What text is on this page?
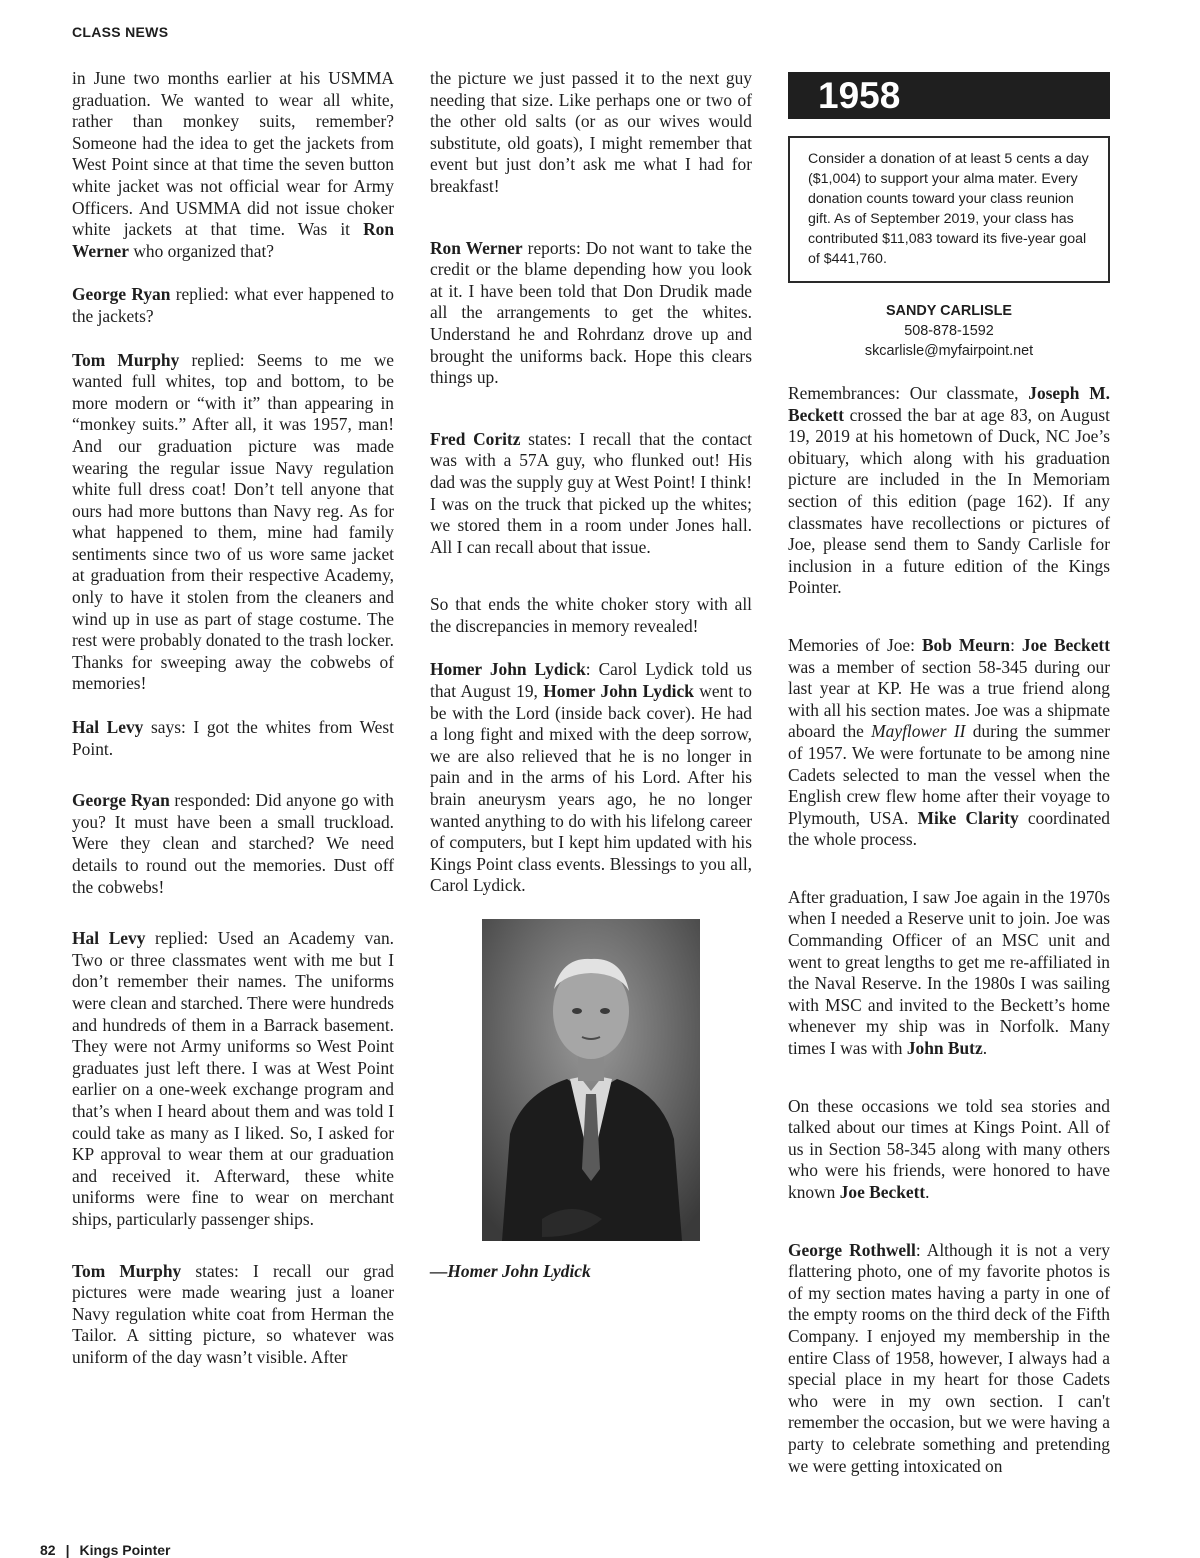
CLASS NEWS

in June two months earlier at his USMMA graduation. We wanted to wear all white, rather than monkey suits, remember? Someone had the idea to get the jackets from West Point since at that time the seven button white jacket was not official wear for Army Officers. And USMMA did not issue choker white jackets at that time. Was it Ron Werner who organized that?

George Ryan replied: what ever happened to the jackets?

Tom Murphy replied: Seems to me we wanted full whites, top and bottom, to be more modern or “with it” than appearing in “monkey suits.” After all, it was 1957, man! And our graduation picture was made wearing the regular issue Navy regulation white full dress coat! Don’t tell anyone that ours had more buttons than Navy reg. As for what happened to them, mine had family sentiments since two of us wore same jacket at graduation from their respective Academy, only to have it stolen from the cleaners and wind up in use as part of stage costume. The rest were probably donated to the trash locker. Thanks for sweeping away the cobwebs of memories!

Hal Levy says: I got the whites from West Point.

George Ryan responded: Did anyone go with you? It must have been a small truckload. Were they clean and starched? We need details to round out the memories. Dust off the cobwebs!

Hal Levy replied: Used an Academy van. Two or three classmates went with me but I don’t remember their names. The uniforms were clean and starched. There were hundreds and hundreds of them in a Barrack basement. They were not Army uniforms so West Point graduates just left there. I was at West Point earlier on a one-week exchange program and that’s when I heard about them and was told I could take as many as I liked. So, I asked for KP approval to wear them at our graduation and received it. Afterward, these white uniforms were fine to wear on merchant ships, particularly passenger ships.

Tom Murphy states: I recall our grad pictures were made wearing just a loaner Navy regulation white coat from Herman the Tailor. A sitting picture, so whatever was uniform of the day wasn’t visible. After

the picture we just passed it to the next guy needing that size. Like perhaps one or two of the other old salts (or as our wives would substitute, old goats), I might remember that event but just don’t ask me what I had for breakfast!

Ron Werner reports: Do not want to take the credit or the blame depending how you look at it. I have been told that Don Drudik made all the arrangements to get the whites. Understand he and Rohrdanz drove up and brought the uniforms back. Hope this clears things up.

Fred Coritz states: I recall that the contact was with a 57A guy, who flunked out! His dad was the supply guy at West Point! I think! I was on the truck that picked up the whites; we stored them in a room under Jones hall. All I can recall about that issue.

So that ends the white choker story with all the discrepancies in memory revealed!

Homer John Lydick: Carol Lydick told us that August 19, Homer John Lydick went to be with the Lord (inside back cover). He had a long fight and mixed with the deep sorrow, we are also relieved that he is no longer in pain and in the arms of his Lord. After his brain aneurysm years ago, he no longer wanted anything to do with his lifelong career of computers, but I kept him updated with his Kings Point class events. Blessings to you all, Carol Lydick.

—Homer John Lydick
1958
Consider a donation of at least 5 cents a day ($1,004) to support your alma mater. Every donation counts toward your class reunion gift. As of September 2019, your class has contributed $11,083 toward its five-year goal of $441,760.
SANDY CARLISLE
508-878-1592
skcarlisle@myfairpoint.net

Remembrances: Our classmate, Joseph M. Beckett crossed the bar at age 83, on August 19, 2019 at his hometown of Duck, NC Joe’s obituary, which along with his graduation picture are included in the In Memoriam section of this edition (page 162). If any classmates have recollections or pictures of Joe, please send them to Sandy Carlisle for inclusion in a future edition of the Kings Pointer.

Memories of Joe: Bob Meurn: Joe Beckett was a member of section 58-345 during our last year at KP. He was a true friend along with all his section mates. Joe was a shipmate aboard the Mayflower II during the summer of 1957. We were fortunate to be among nine Cadets selected to man the vessel when the English crew flew home after their voyage to Plymouth, USA. Mike Clarity coordinated the whole process.

After graduation, I saw Joe again in the 1970s when I needed a Reserve unit to join. Joe was Commanding Officer of an MSC unit and went to great lengths to get me re-affiliated in the Naval Reserve. In the 1980s I was sailing with MSC and invited to the Beckett’s home whenever my ship was in Norfolk. Many times I was with John Butz.

On these occasions we told sea stories and talked about our times at Kings Point. All of us in Section 58-345 along with many others who were his friends, were honored to have known Joe Beckett.

George Rothwell: Although it is not a very flattering photo, one of my favorite photos is of my section mates having a party in one of the empty rooms on the third deck of the Fifth Company. I enjoyed my membership in the entire Class of 1958, however, I always had a special place in my heart for those Cadets who were in my own section. I can't remember the occasion, but we were having a party to celebrate something and pretending we were getting intoxicated on

82 | Kings Pointer
